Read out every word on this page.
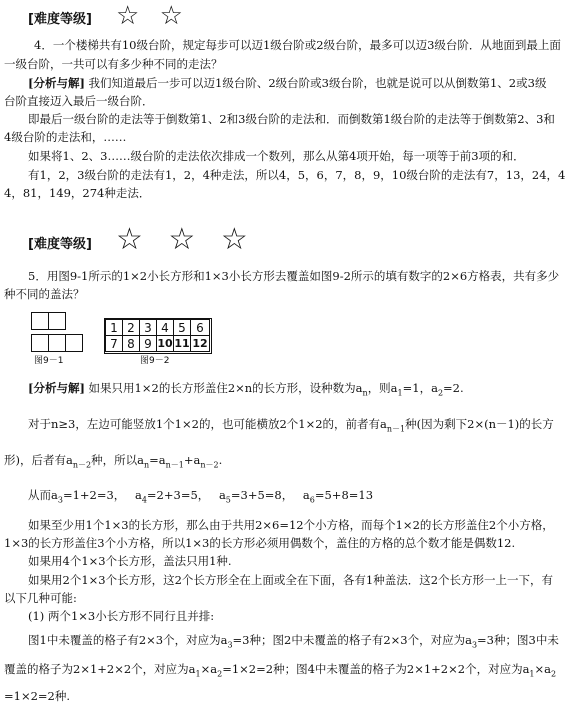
[难度等级] ☆ ☆
4．一个楼梯共有10级台阶，规定每步可以迈1级台阶或2级台阶，最多可以迈3级台阶．从地面到最上面
一级台阶，一共可以有多少种不同的走法？
[分析与解] 我们知道最后一步可以迈1级台阶、2级台阶或3级台阶，也就是说可以从倒数第1、2或3级
台阶直接迈入最后一级台阶．
即最后一级台阶的走法等于倒数第1、2和3级台阶的走法和．而倒数第1级台阶的走法等于倒数第2、3和
4级台阶的走法和，……
如果将1、2、3……级台阶的走法依次排成一个数列，那么从第4项开始，每一项等于前3项的和．
有1，2，3级台阶的走法有1，2，4种走法，所以4，5，6，7，8，9，10级台阶的走法有7，13，24，4
4，81，149，274种走法．
[难度等级] ☆ ☆ ☆
5．用图9-1所示的1×2小长方形和1×3小长方形去覆盖如图9-2所示的填有数字的2×6方格表，共有多少
种不同的盖法？
图9－1
1 2 3 4 5 6
7 8 9 10 11 12
图9－2
[分析与解] 如果只用1×2的长方形盖住2×n的长方形，设种数为$a_n$，则$a_1=1$，$a_2=2$.
对于n≥3，左边可能竖放1个1×2的，也可能横放2个1×2的，前者有$a_{n-1}$种(因为剩下2×(n－1)的长方
形)，后者有$a_{n-2}$种，所以$a_n=a_{n-1}+a_{n-2}$.
从而$a_3=1+2=3$， $a_4=2+3=5$， $a_5=3+5=8$， $a_6=5+8=13$
如果至少用1个1×3的长方形，那么由于共用2×6=12个小方格，而每个1×2的长方形盖住2个小方格，
1×3的长方形盖住3个小方格，所以1×3的长方形必须用偶数个，盖住的方格的总个数才能是偶数12.
如果用4个1×3个长方形，盖法只用1种.
如果用2个1×3个长方形，这2个长方形全在上面或全在下面，各有1种盖法．这2个长方形一上一下，有
以下几种可能:
(1) 两个1×3小长方形不同行且并排:
图1中未覆盖的格子有2×3个，对应为$a_3=3$种；图2中未覆盖的格子有2×3个，对应为$a_3=3$种；图3中未
覆盖的格子为2×1+2×2个，对应为$a_1\times a_2=1\times 2=2$种；图4中未覆盖的格子为2×1+2×2个，对应为$a_1\times a_2$
=1×2=2种.
